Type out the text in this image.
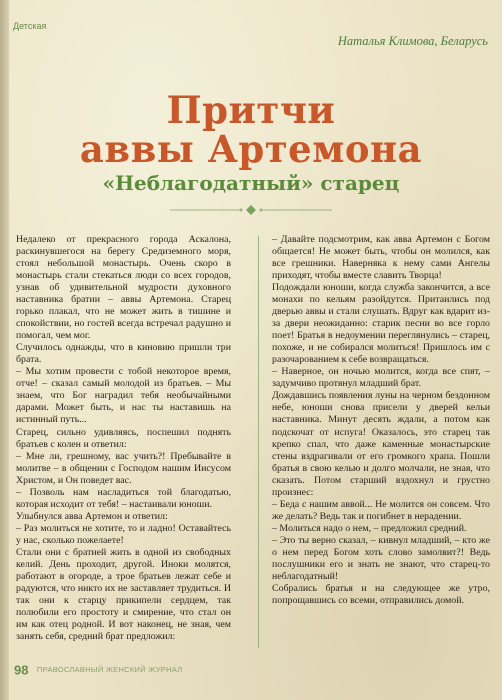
Детская
Наталья Климова, Беларусь
Притчи
аввы Артемона
«Неблагодатный» старец
Недалеко от прекрасного города Аскалона, раскинувшегося на берегу Средиземного моря, стоял небольшой монастырь. Очень скоро в монастырь стали стекаться люди со всех городов, узнав об удивительной мудрости духовного наставника братии – аввы Артемона. Старец горько плакал, что не может жить в тишине и спокойствии, но гостей всегда встречал радушно и помогал, чем мог.
Случилось однажды, что в киновию пришли три брата.
– Мы хотим провести с тобой некоторое время, отче! – сказал самый молодой из братьев. – Мы знаем, что Бог наградил тебя необычайными дарами. Может быть, и нас ты наставишь на истинный путь...
Старец, сильно удивляясь, поспешил поднять братьев с колен и ответил:
– Мне ли, грешному, вас учить?! Пребывайте в молитве – в общении с Господом нашим Иисусом Христом, и Он поведет вас.
– Позволь нам насладиться той благодатью, которая исходит от тебя! – настаивали юноши.
Улыбнулся авва Артемон и ответил:
– Раз молиться не хотите, то и ладно! Оставайтесь у нас, сколько пожелаете!
Стали они с братией жить в одной из свободных келий. День проходит, другой. Иноки молятся, работают в огороде, а трое братьев лежат себе и радуются, что никто их не заставляет трудиться. И так они к старцу прикипели сердцем, так полюбили его простоту и смирение, что стал он им как отец родной. И вот наконец, не зная, чем занять себя, средний брат предложил:
– Давайте подсмотрим, как авва Артемон с Богом общается! Не может быть, чтобы он молился, как все грешники. Наверняка к нему сами Ангелы приходят, чтобы вместе славить Творца!
Подождали юноши, когда служба закончится, а все монахи по кельям разойдутся. Притаились под дверью аввы и стали слушать. Вдруг как вдарит из-за двери неожиданно: старик песни во все горло поет! Братья в недоумении переглянулись – старец, похоже, и не собирался молиться! Пришлось им с разочарованием к себе возвращаться.
– Наверное, он ночью молится, когда все спят, – задумчиво протянул младший брат.
Дождавшись появления луны на черном бездонном небе, юноши снова присели у дверей кельи наставника. Минут десять ждали, а потом как подскочат от испуга! Оказалось, это старец так крепко спал, что даже каменные монастырские стены вздрагивали от его громкого храпа. Пошли братья в свою келью и долго молчали, не зная, что сказать. Потом старший вздохнул и грустно произнес:
– Беда с нашим аввой... Не молится он совсем. Что же делать? Ведь так и погибнет в нерадении.
– Молиться надо о нем, – предложил средний.
– Это ты верно сказал, – кивнул младший, – кто же о нем перед Богом хоть слово замолвит?! Ведь послушники его и знать не знают, что старец-то неблагодатный!
Собрались братья и на следующее же утро, попрощавшись со всеми, отправились домой.
98 ПРАВОСЛАВНЫЙ ЖЕНСКИЙ ЖУРНАЛ
